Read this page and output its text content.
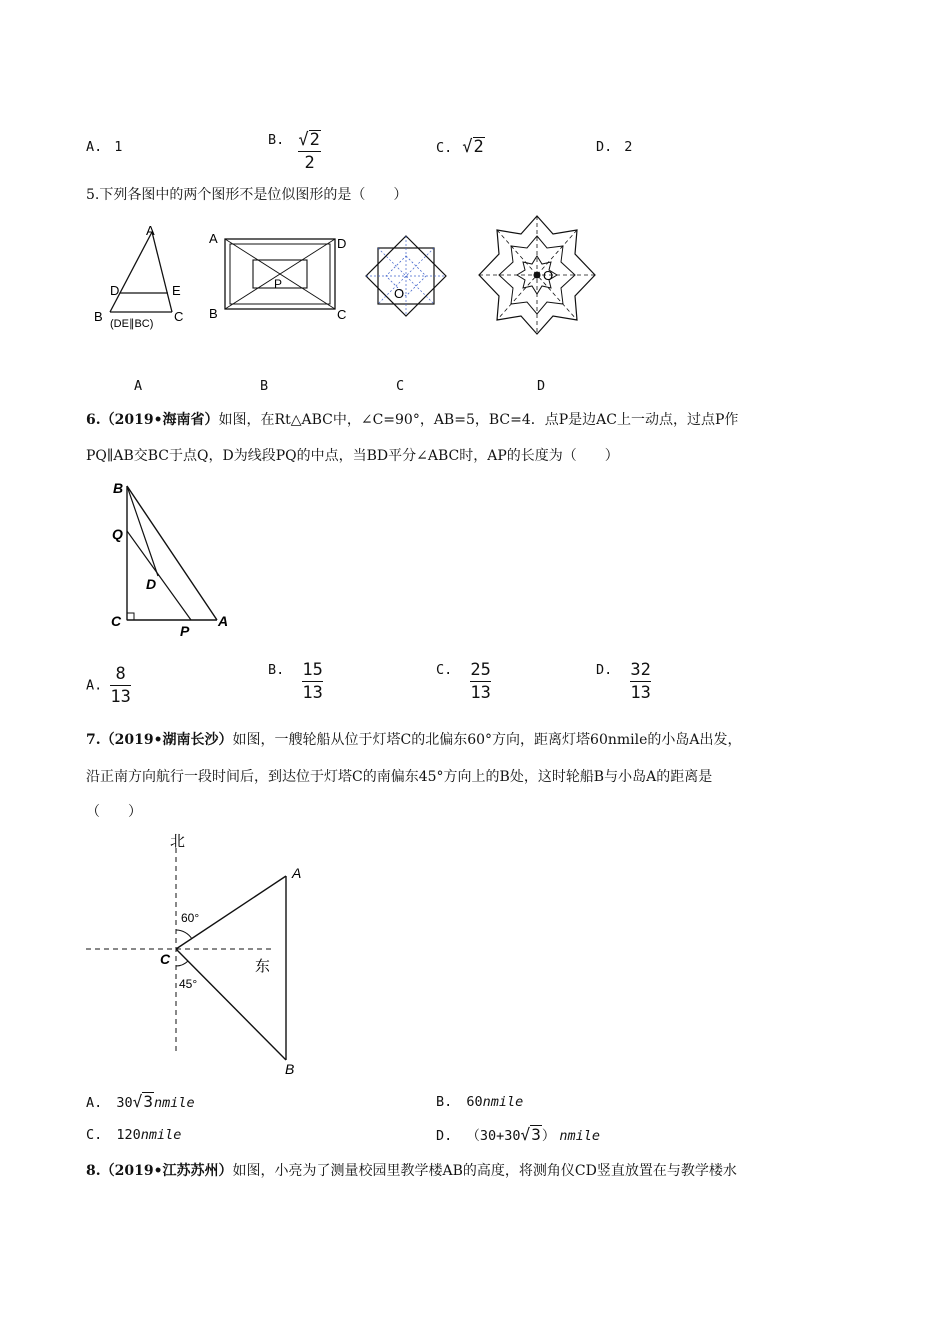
A. 1	B. $\frac{√2}{2}$	C. √2	D. 2
5.下列各图中的两个图形不是位似图形的是（　　）
A
D	E
B	C
(DE∥BC)
A	D
P
B	C
O
O
A	B	C	D
6.（2019•海南省）如图，在Rt△ABC中，∠C=90°，AB=5，BC=4．点P是边AC上一动点，过点P作
PQ∥AB交BC于点Q，D为线段PQ的中点，当BD平分∠ABC时，AP的长度为（　　）
B
Q
D
C
P
A
A. $\frac{8}{13}$	B. $\frac{15}{13}$	C. $\frac{25}{13}$	D. $\frac{32}{13}$
7.（2019•湖南长沙）如图，一艘轮船从位于灯塔C的北偏东60°方向，距离灯塔60nmile的小岛A出发，
沿正南方向航行一段时间后，到达位于灯塔C的南偏东45°方向上的B处，这时轮船B与小岛A的距离是
（　　）
北
东
60°
45°
C
A
B
A. 30√3nmile	B. 60nmile
C. 120nmile	D. （30+30√3） nmile
8.（2019•江苏苏州）如图，小亮为了测量校园里教学楼AB的高度，将测角仪CD竖直放置在与教学楼水
